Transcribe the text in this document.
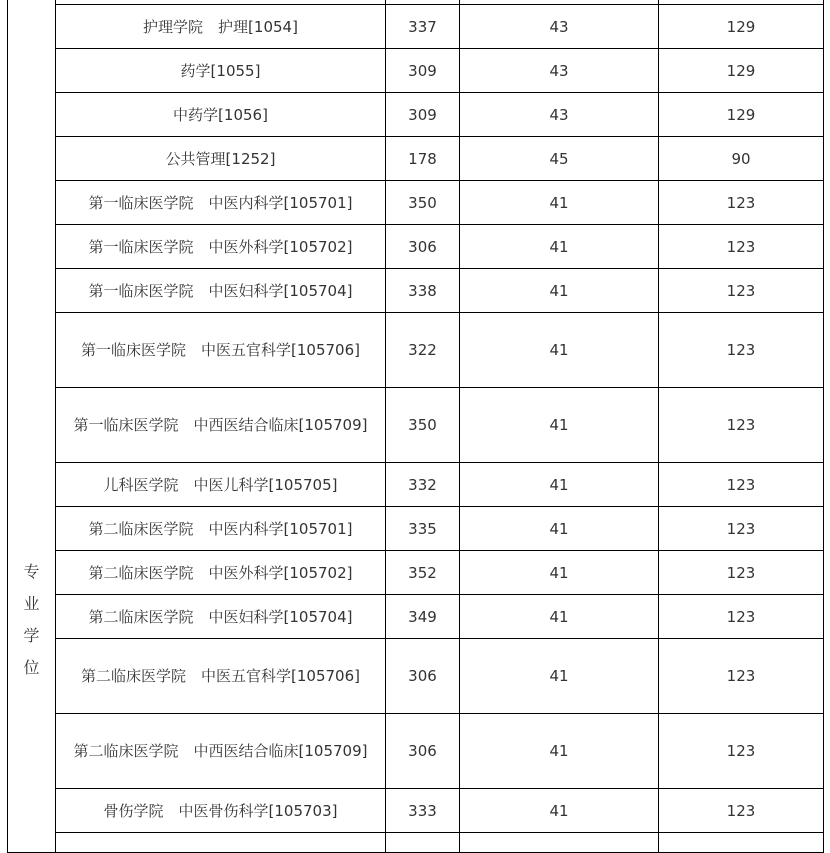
专业学位				
	护理学院　护理[1054]	337	43	129
	药学[1055]	309	43	129
	中药学[1056]	309	43	129
	公共管理[1252]	178	45	90
	第一临床医学院　中医内科学[105701]	350	41	123
	第一临床医学院　中医外科学[105702]	306	41	123
	第一临床医学院　中医妇科学[105704]	338	41	123
	第一临床医学院　中医五官科学[105706]	322	41	123
	第一临床医学院　中西医结合临床[105709]	350	41	123
	儿科医学院　中医儿科学[105705]	332	41	123
	第二临床医学院　中医内科学[105701]	335	41	123
	第二临床医学院　中医外科学[105702]	352	41	123
	第二临床医学院　中医妇科学[105704]	349	41	123
	第二临床医学院　中医五官科学[105706]	306	41	123
	第二临床医学院　中西医结合临床[105709]	306	41	123
	骨伤学院　中医骨伤科学[105703]	333	41	123
